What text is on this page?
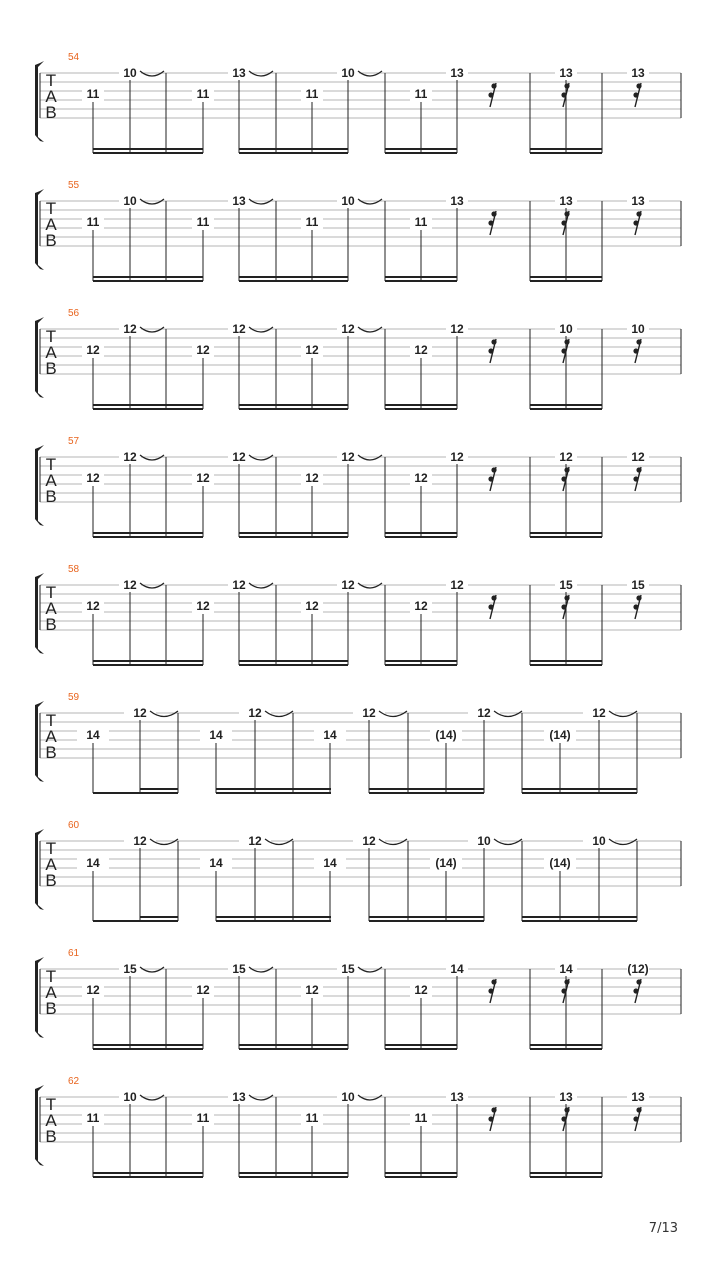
T
A
B
54
11
10
11
13
11
10
11
13	13	13
T
A
B
55
11
10
11
13
11
10
11
13	13	13
T
A
B
56
12
12
12
12
12
12
12
12	10	10
T
A
B
57
12
12
12
12
12
12
12
12	12	12
T
A
B
58
12
12
12
12
12
12
12
12	15	15
T
A
B
59
14
12
14
12
14
12
(14)
12
(14)
12
T
A
B
60
14
12
14
12
14
12
(14)
10
(14)
10
T
A
B
61
12
15
12
15
12
15
12
14	14	(12)
T
A
B
62
11
10
11
13
11
10
11
13	13	13
7/13
